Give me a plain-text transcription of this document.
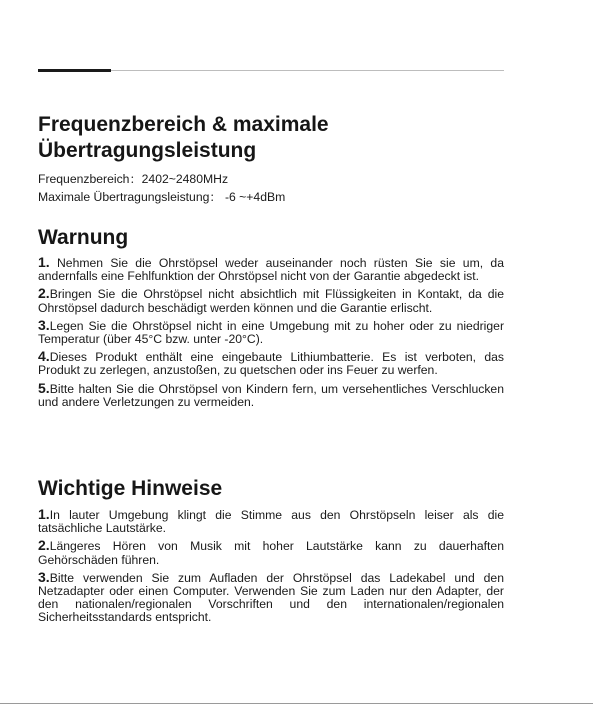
Frequenzbereich & maximale
Übertragungsleistung

Frequenzbereich：2402~2480MHz

Maximale Übertragungsleistung： -6 ~+4dBm

Warnung

1. Nehmen Sie die Ohrstöpsel weder auseinander noch rüsten Sie sie um, da andernfalls eine Fehlfunktion der Ohrstöpsel nicht von der Garantie abgedeckt ist.

2.Bringen Sie die Ohrstöpsel nicht absichtlich mit Flüssigkeiten in Kontakt, da die Ohrstöpsel dadurch beschädigt werden können und die Garantie erlischt.

3.Legen Sie die Ohrstöpsel nicht in eine Umgebung mit zu hoher oder zu niedriger Temperatur (über 45°C bzw. unter -20°C).

4.Dieses Produkt enthält eine eingebaute Lithiumbatterie. Es ist verboten, das Produkt zu zerlegen, anzustoßen, zu quetschen oder ins Feuer zu werfen.

5.Bitte halten Sie die Ohrstöpsel von Kindern fern, um versehentliches Verschlucken und andere Verletzungen zu vermeiden.

Wichtige Hinweise

1.In lauter Umgebung klingt die Stimme aus den Ohrstöpseln leiser als die tatsächliche Lautstärke.

2.Längeres Hören von Musik mit hoher Lautstärke kann zu dauerhaften Gehörschäden führen.

3.Bitte verwenden Sie zum Aufladen der Ohrstöpsel das Ladekabel und den Netzadapter oder einen Computer. Verwenden Sie zum Laden nur den Adapter, der den nationalen/regionalen Vorschriften und den internationalen/regionalen Sicherheitsstandards entspricht.
